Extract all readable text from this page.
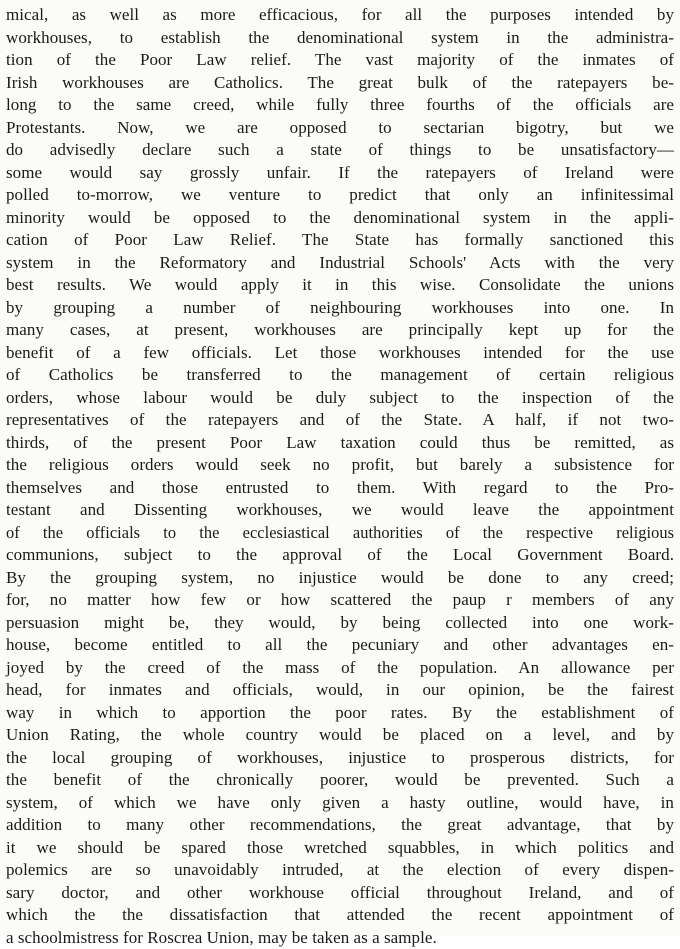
mical, as well as more efficacious, for all the purposes intended by
workhouses, to establish the denominational system in the administra-
tion of the Poor Law relief. The vast majority of the inmates of
Irish workhouses are Catholics. The great bulk of the ratepayers be-
long to the same creed, while fully three fourths of the officials are
Protestants. Now, we are opposed to sectarian bigotry, but we
do advisedly declare such a state of things to be unsatisfactory—
some would say grossly unfair. If the ratepayers of Ireland were
polled to-morrow, we venture to predict that only an infinitessimal
minority would be opposed to the denominational system in the appli-
cation of Poor Law Relief. The State has formally sanctioned this
system in the Reformatory and Industrial Schools' Acts with the very
best results. We would apply it in this wise. Consolidate the unions
by grouping a number of neighbouring workhouses into one. In
many cases, at present, workhouses are principally kept up for the
benefit of a few officials. Let those workhouses intended for the use
of Catholics be transferred to the management of certain religious
orders, whose labour would be duly subject to the inspection of the
representatives of the ratepayers and of the State. A half, if not two-
thirds, of the present Poor Law taxation could thus be remitted, as
the religious orders would seek no profit, but barely a subsistence for
themselves and those entrusted to them. With regard to the Pro-
testant and Dissenting workhouses, we would leave the appointment
of the officials to the ecclesiastical authorities of the respective religious
communions, subject to the approval of the Local Government Board.
By the grouping system, no injustice would be done to any creed;
for, no matter how few or how scattered the paup r members of any
persuasion might be, they would, by being collected into one work-
house, become entitled to all the pecuniary and other advantages en-
joyed by the creed of the mass of the population. An allowance per
head, for inmates and officials, would, in our opinion, be the fairest
way in which to apportion the poor rates. By the establishment of
Union Rating, the whole country would be placed on a level, and by
the local grouping of workhouses, injustice to prosperous districts, for
the benefit of the chronically poorer, would be prevented. Such a
system, of which we have only given a hasty outline, would have, in
addition to many other recommendations, the great advantage, that by
it we should be spared those wretched squabbles, in which politics and
polemics are so unavoidably intruded, at the election of every dispen-
sary doctor, and other workhouse official throughout Ireland, and of
which the the dissatisfaction that attended the recent appointment of
a schoolmistress for Roscrea Union, may be taken as a sample.
